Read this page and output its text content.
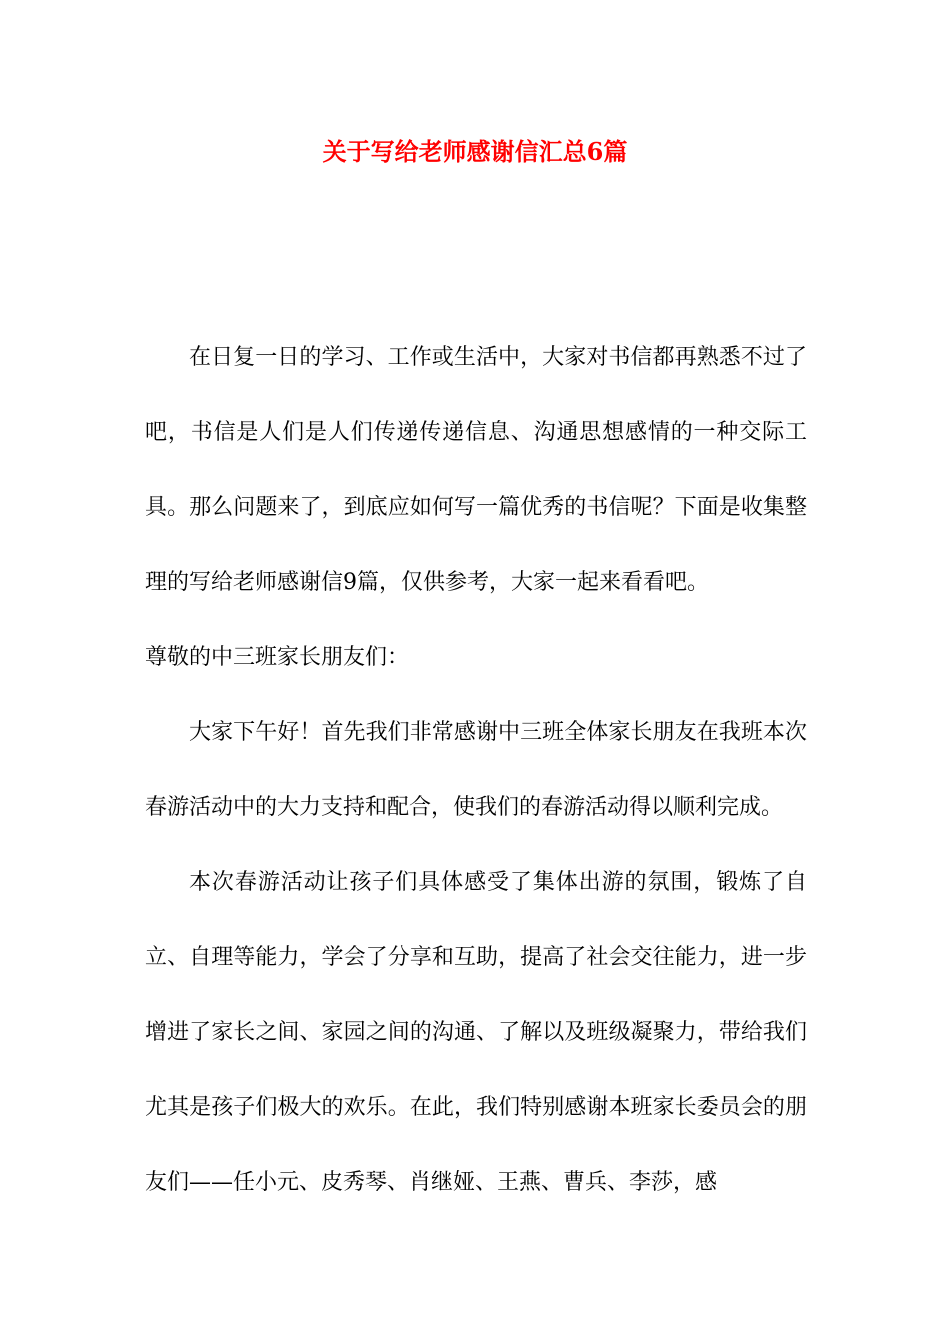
关于写给老师感谢信汇总6篇

在日复一日的学习、工作或生活中，大家对书信都再熟悉不过了吧，书信是人们是人们传递传递信息、沟通思想感情的一种交际工具。那么问题来了，到底应如何写一篇优秀的书信呢？下面是收集整理的写给老师感谢信9篇，仅供参考，大家一起来看看吧。

尊敬的中三班家长朋友们：

大家下午好！首先我们非常感谢中三班全体家长朋友在我班本次春游活动中的大力支持和配合，使我们的春游活动得以顺利完成。

本次春游活动让孩子们具体感受了集体出游的氛围，锻炼了自立、自理等能力，学会了分享和互助，提高了社会交往能力，进一步增进了家长之间、家园之间的沟通、了解以及班级凝聚力，带给我们尤其是孩子们极大的欢乐。在此，我们特别感谢本班家长委员会的朋友们——任小元、皮秀琴、肖继娅、王燕、曹兵、李莎，感
